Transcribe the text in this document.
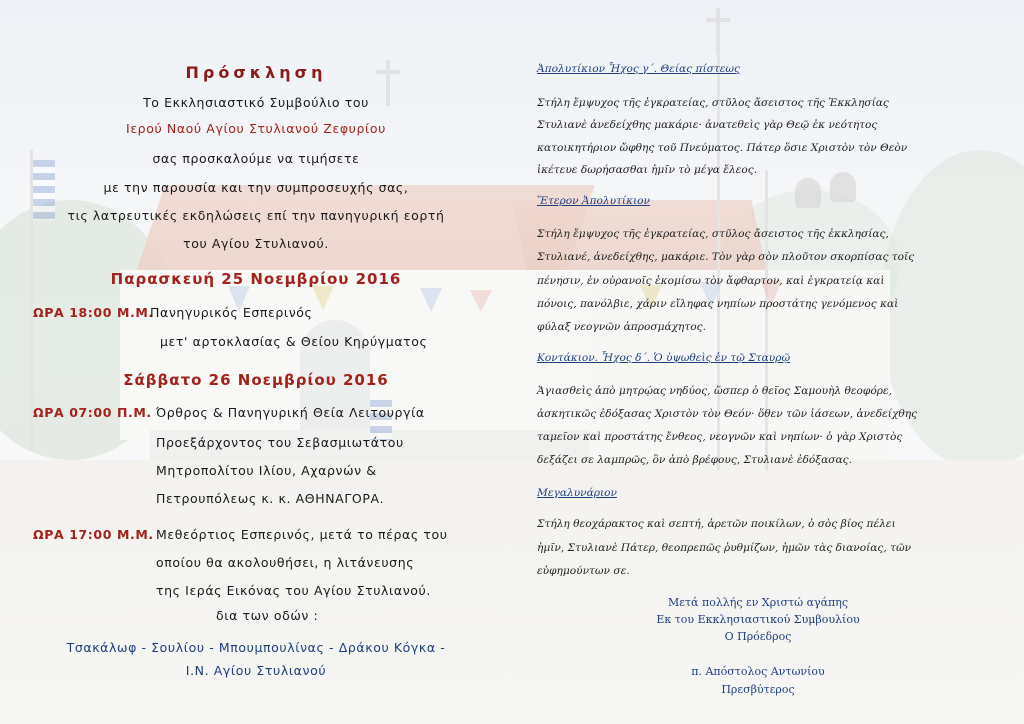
Πρόσκληση
Το Εκκλησιαστικό Συμβούλιο του
Ιερού Ναού Αγίου Στυλιανού Ζεφυρίου
σας προσκαλούμε να τιμήσετε
με την παρουσία και την συμπροσευχής σας,
τις λατρευτικές εκδηλώσεις επί την πανηγυρική εορτή
του Αγίου Στυλιανού.
Παρασκευή 25 Νοεμβρίου 2016
ΩΡΑ 18:00 Μ.Μ.
Πανηγυρικός Εσπερινός
μετ' αρτοκλασίας & Θείου Κηρύγματος
Σάββατο 26 Νοεμβρίου 2016
ΩΡΑ 07:00 Π.Μ. Όρθρος & Πανηγυρική Θεία Λειτουργία
Προεξάρχοντος του Σεβασμιωτάτου
Μητροπολίτου Ιλίου, Αχαρνών &
Πετρουπόλεως κ. κ. ΑΘΗΝΑΓΟΡΑ.
ΩΡΑ 17:00 Μ.Μ. Μεθεόρτιος Εσπερινός, μετά το πέρας του
οποίου θα ακολουθήσει, η λιτάνευσης
της Ιεράς Εικόνας του Αγίου Στυλιανού.
δια των οδών :
Τσακάλωφ - Σουλίου - Μπουμπουλίνας - Δράκου Κόγκα -
Ι.Ν. Αγίου Στυλιανού
Ἀπολυτίκιον Ἦχος γ΄. Θείας πίστεως
Στήλη ἔμψυχος τῆς ἐγκρατείας, στῦλος ἄσειστος τῆς Ἐκκλησίας
Στυλιανὲ ἀνεδείχθης μακάριε· ἀνατεθεὶς γὰρ Θεῷ ἐκ νεότητος
κατοικητήριον ὤφθης τοῦ Πνεύματος. Πάτερ ὅσιε Χριστὸν τὸν Θεὸν
ἱκέτευε δωρήσασθαι ἡμῖν τὸ μέγα ἔλεος.
Ἕτερον Ἀπολυτίκιον
Στήλη ἔμψυχος τῆς ἐγκρατείας, στῦλος ἄσειστος τῆς ἐκκλησίας,
Στυλιανέ, ἀνεδείχθης, μακάριε. Τὸν γὰρ σὸν πλοῦτον σκορπίσας τοῖς
πένησιν, ἐν οὐρανοῖς ἐκομίσω τὸν ἄφθαρτον, καὶ ἐγκρατείᾳ καὶ
πόνοις, πανόλβιε, χάριν εἴληφας νηπίων προστάτης γενόμενος καὶ
φύλαξ νεογνῶν ἀπροσμάχητος.
Κοντάκιον. Ἦχος δ΄. Ὁ ὑψωθεὶς ἐν τῷ Σταυρῷ
Ἁγιασθεὶς ἀπὸ μητρῴας νηδύος, ὥσπερ ὁ θεῖος Σαμουὴλ θεοφόρε,
ἀσκητικῶς ἐδόξασας Χριστὸν τὸν Θεόν· ὅθεν τῶν ἰάσεων, ἀνεδείχθης
ταμεῖον καὶ προστάτης ἔνθεος, νεογνῶν καὶ νηπίων· ὁ γὰρ Χριστὸς
δεξάζει σε λαμπρῶς, ὃν ἀπὸ βρέφους, Στυλιανὲ ἐδόξασας.
Μεγαλυνάριον
Στήλη θεοχάρακτος καὶ σεπτή, ἀρετῶν ποικίλων, ὁ σὸς βίος πέλει
ἡμῖν, Στυλιανὲ Πάτερ, θεοπρεπῶς ῥυθμίζων, ἡμῶν τὰς διανοίας, τῶν
εὐφημούντων σε.
Μετά πολλής εν Χριστώ αγάπης
Εκ του Εκκλησιαστικού Συμβουλίου
Ο Πρόεδρος
π. Απόστολος Αντωνίου
Πρεσβύτερος
